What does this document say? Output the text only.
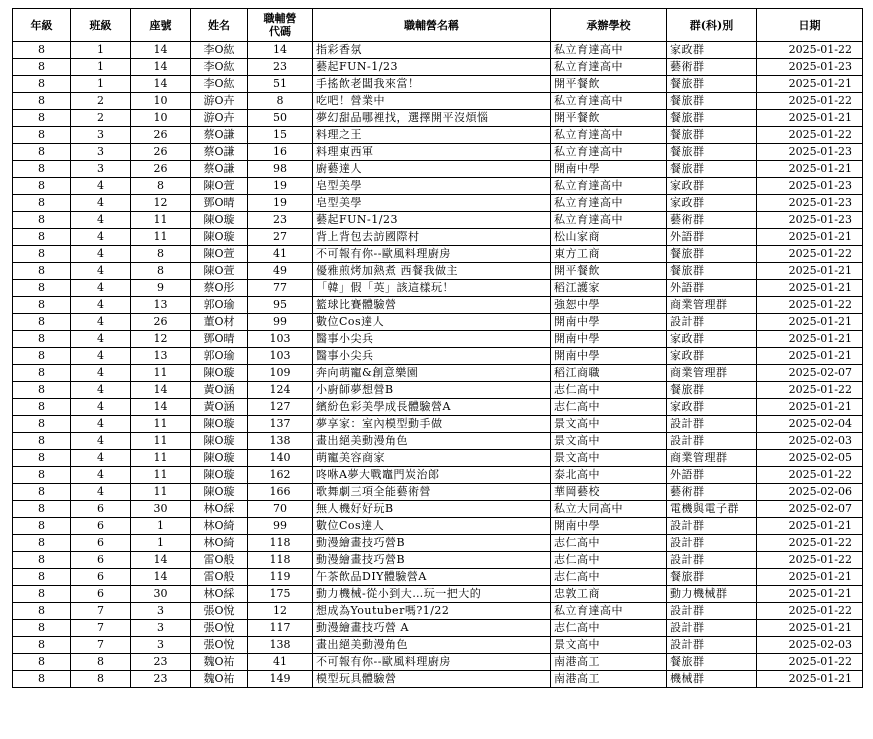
年級	班級	座號	姓名	職輔營
代碼	職輔營名稱	承辦學校	群(科)別	日期
8	1	14	李O紘	14	指彩香氛	私立育達高中	家政群	2025-01-22
8	1	14	李O紘	23	藝起FUN-1/23	私立育達高中	藝術群	2025-01-23
8	1	14	李O紘	51	手搖飲老闆我來當！	開平餐飲	餐旅群	2025-01-21
8	2	10	游O卉	8	吃吧！營業中	私立育達高中	餐旅群	2025-01-22
8	2	10	游O卉	50	夢幻甜品哪裡找，選擇開平沒煩惱	開平餐飲	餐旅群	2025-01-21
8	3	26	蔡O謙	15	料理之王	私立育達高中	餐旅群	2025-01-22
8	3	26	蔡O謙	16	料理東西軍	私立育達高中	餐旅群	2025-01-23
8	3	26	蔡O謙	98	廚藝達人	開南中學	餐旅群	2025-01-21
8	4	8	陳O萱	19	皂型美學	私立育達高中	家政群	2025-01-23
8	4	12	鄧O晴	19	皂型美學	私立育達高中	家政群	2025-01-23
8	4	11	陳O璇	23	藝起FUN-1/23	私立育達高中	藝術群	2025-01-23
8	4	11	陳O璇	27	背上背包去訪國際村	松山家商	外語群	2025-01-21
8	4	8	陳O萱	41	不可報有你--歐風料理廚房	東方工商	餐旅群	2025-01-22
8	4	8	陳O萱	49	優雅煎烤加熱煮 西餐我做主	開平餐飲	餐旅群	2025-01-21
8	4	9	蔡O彤	77	「韓」假「英」該這樣玩！	稻江護家	外語群	2025-01-21
8	4	13	郭O瑜	95	籃球比賽體驗營	強恕中學	商業管理群	2025-01-22
8	4	26	董O材	99	數位Cos達人	開南中學	設計群	2025-01-21
8	4	12	鄧O晴	103	醫事小尖兵	開南中學	家政群	2025-01-21
8	4	13	郭O瑜	103	醫事小尖兵	開南中學	家政群	2025-01-21
8	4	11	陳O璇	109	奔向萌寵&創意樂園	稻江商職	商業管理群	2025-02-07
8	4	14	黃O涵	124	小廚師夢想營B	志仁高中	餐旅群	2025-01-22
8	4	14	黃O涵	127	繽紛色彩美學成長體驗營A	志仁高中	家政群	2025-01-21
8	4	11	陳O璇	137	夢享家：室內模型動手做	景文高中	設計群	2025-02-04
8	4	11	陳O璇	138	畫出絕美動漫角色	景文高中	設計群	2025-02-03
8	4	11	陳O璇	140	萌寵美容商家	景文高中	商業管理群	2025-02-05
8	4	11	陳O璇	162	咚咻A夢大戰竈門炭治郎	泰北高中	外語群	2025-01-22
8	4	11	陳O璇	166	歌舞劇三項全能藝術營	華岡藝校	藝術群	2025-02-06
8	6	30	林O綵	70	無人機好好玩B	私立大同高中	電機與電子群	2025-02-07
8	6	1	林O綺	99	數位Cos達人	開南中學	設計群	2025-01-21
8	6	1	林O綺	118	動漫繪畫技巧營B	志仁高中	設計群	2025-01-22
8	6	14	雷O般	118	動漫繪畫技巧營B	志仁高中	設計群	2025-01-22
8	6	14	雷O般	119	午茶飲品DIY體驗營A	志仁高中	餐旅群	2025-01-21
8	6	30	林O綵	175	動力機械-從小到大…玩一把大的	忠敦工商	動力機械群	2025-01-21
8	7	3	張O悅	12	想成為Youtuber嗎?1/22	私立育達高中	設計群	2025-01-22
8	7	3	張O悅	117	動漫繪畫技巧營 A	志仁高中	設計群	2025-01-21
8	7	3	張O悅	138	畫出絕美動漫角色	景文高中	設計群	2025-02-03
8	8	23	魏O祐	41	不可報有你--歐風料理廚房	南港高工	餐旅群	2025-01-22
8	8	23	魏O祐	149	模型玩具體驗營	南港高工	機械群	2025-01-21
